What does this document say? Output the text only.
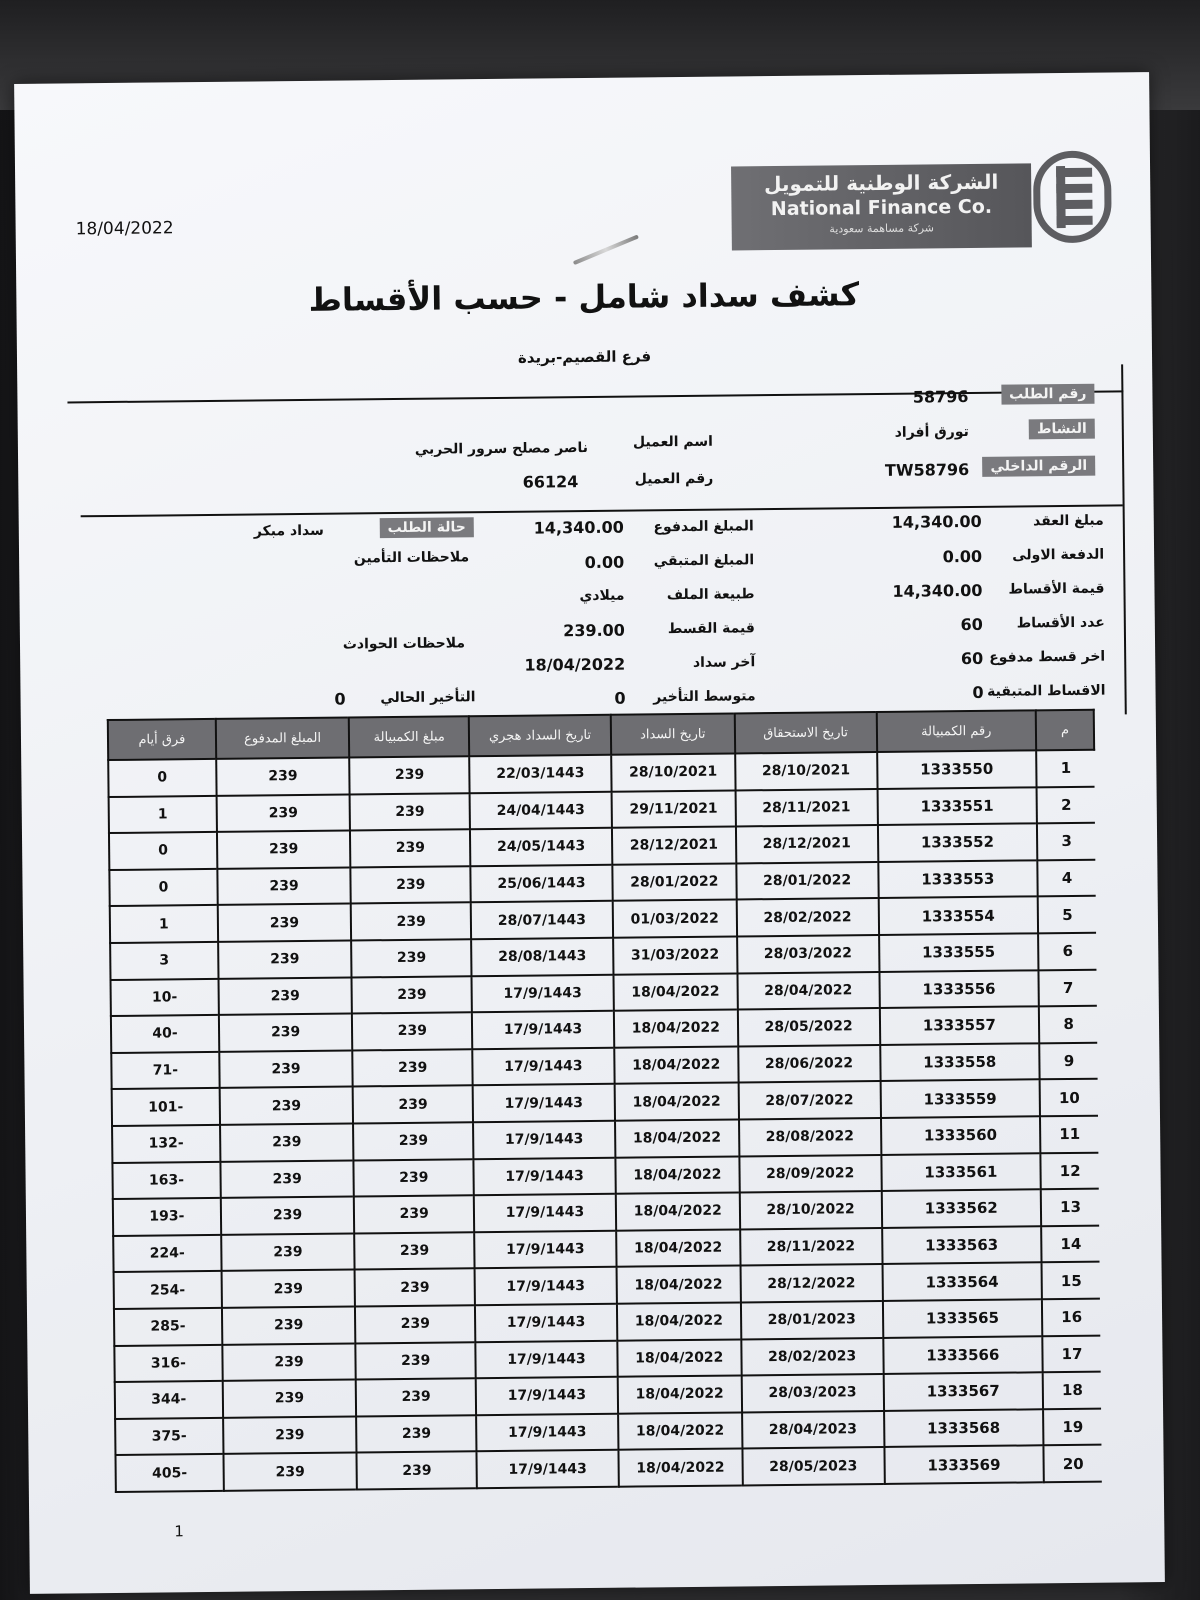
18/04/2022
الشركة الوطنية للتمويل
National Finance Co.
شركة مساهمة سعودية
كشف سداد شامل - حسب الأقساط
فرع القصيم-بريدة
رقم الطلب
58796
النشاط
تورق أفراد
الرقم الداخلي
TW58796
اسم العميل
ناصر مصلح سرور الحربي
رقم العميل
66124
مبلغ العقد
14,340.00
الدفعة الاولى
0.00
قيمة الأقساط
14,340.00
عدد الأقساط
60
اخر قسط مدفوع
60
الاقساط المتبقية
0
المبلغ المدفوع
14,340.00
المبلغ المتبقي
0.00
طبيعة الملف
ميلادي
قيمة القسط
239.00
آخر سداد
18/04/2022
متوسط التأخير
0
حالة الطلب
سداد مبكر
ملاحظات التأمين
ملاحظات الحوادث
التأخير الحالي
0
م	رقم الكمبيالة	تاريخ الاستحقاق	تاريخ السداد	تاريخ السداد هجري	مبلغ الكمبيالة	المبلغ المدفوع	فرق أيام
1	1333550	28/10/2021	28/10/2021	22/03/1443	239	239	0
2	1333551	28/11/2021	29/11/2021	24/04/1443	239	239	1
3	1333552	28/12/2021	28/12/2021	24/05/1443	239	239	0
4	1333553	28/01/2022	28/01/2022	25/06/1443	239	239	0
5	1333554	28/02/2022	01/03/2022	28/07/1443	239	239	1
6	1333555	28/03/2022	31/03/2022	28/08/1443	239	239	3
7	1333556	28/04/2022	18/04/2022	17/9/1443	239	239	-10
8	1333557	28/05/2022	18/04/2022	17/9/1443	239	239	-40
9	1333558	28/06/2022	18/04/2022	17/9/1443	239	239	-71
10	1333559	28/07/2022	18/04/2022	17/9/1443	239	239	-101
11	1333560	28/08/2022	18/04/2022	17/9/1443	239	239	-132
12	1333561	28/09/2022	18/04/2022	17/9/1443	239	239	-163
13	1333562	28/10/2022	18/04/2022	17/9/1443	239	239	-193
14	1333563	28/11/2022	18/04/2022	17/9/1443	239	239	-224
15	1333564	28/12/2022	18/04/2022	17/9/1443	239	239	-254
16	1333565	28/01/2023	18/04/2022	17/9/1443	239	239	-285
17	1333566	28/02/2023	18/04/2022	17/9/1443	239	239	-316
18	1333567	28/03/2023	18/04/2022	17/9/1443	239	239	-344
19	1333568	28/04/2023	18/04/2022	17/9/1443	239	239	-375
20	1333569	28/05/2023	18/04/2022	17/9/1443	239	239	-405
1
